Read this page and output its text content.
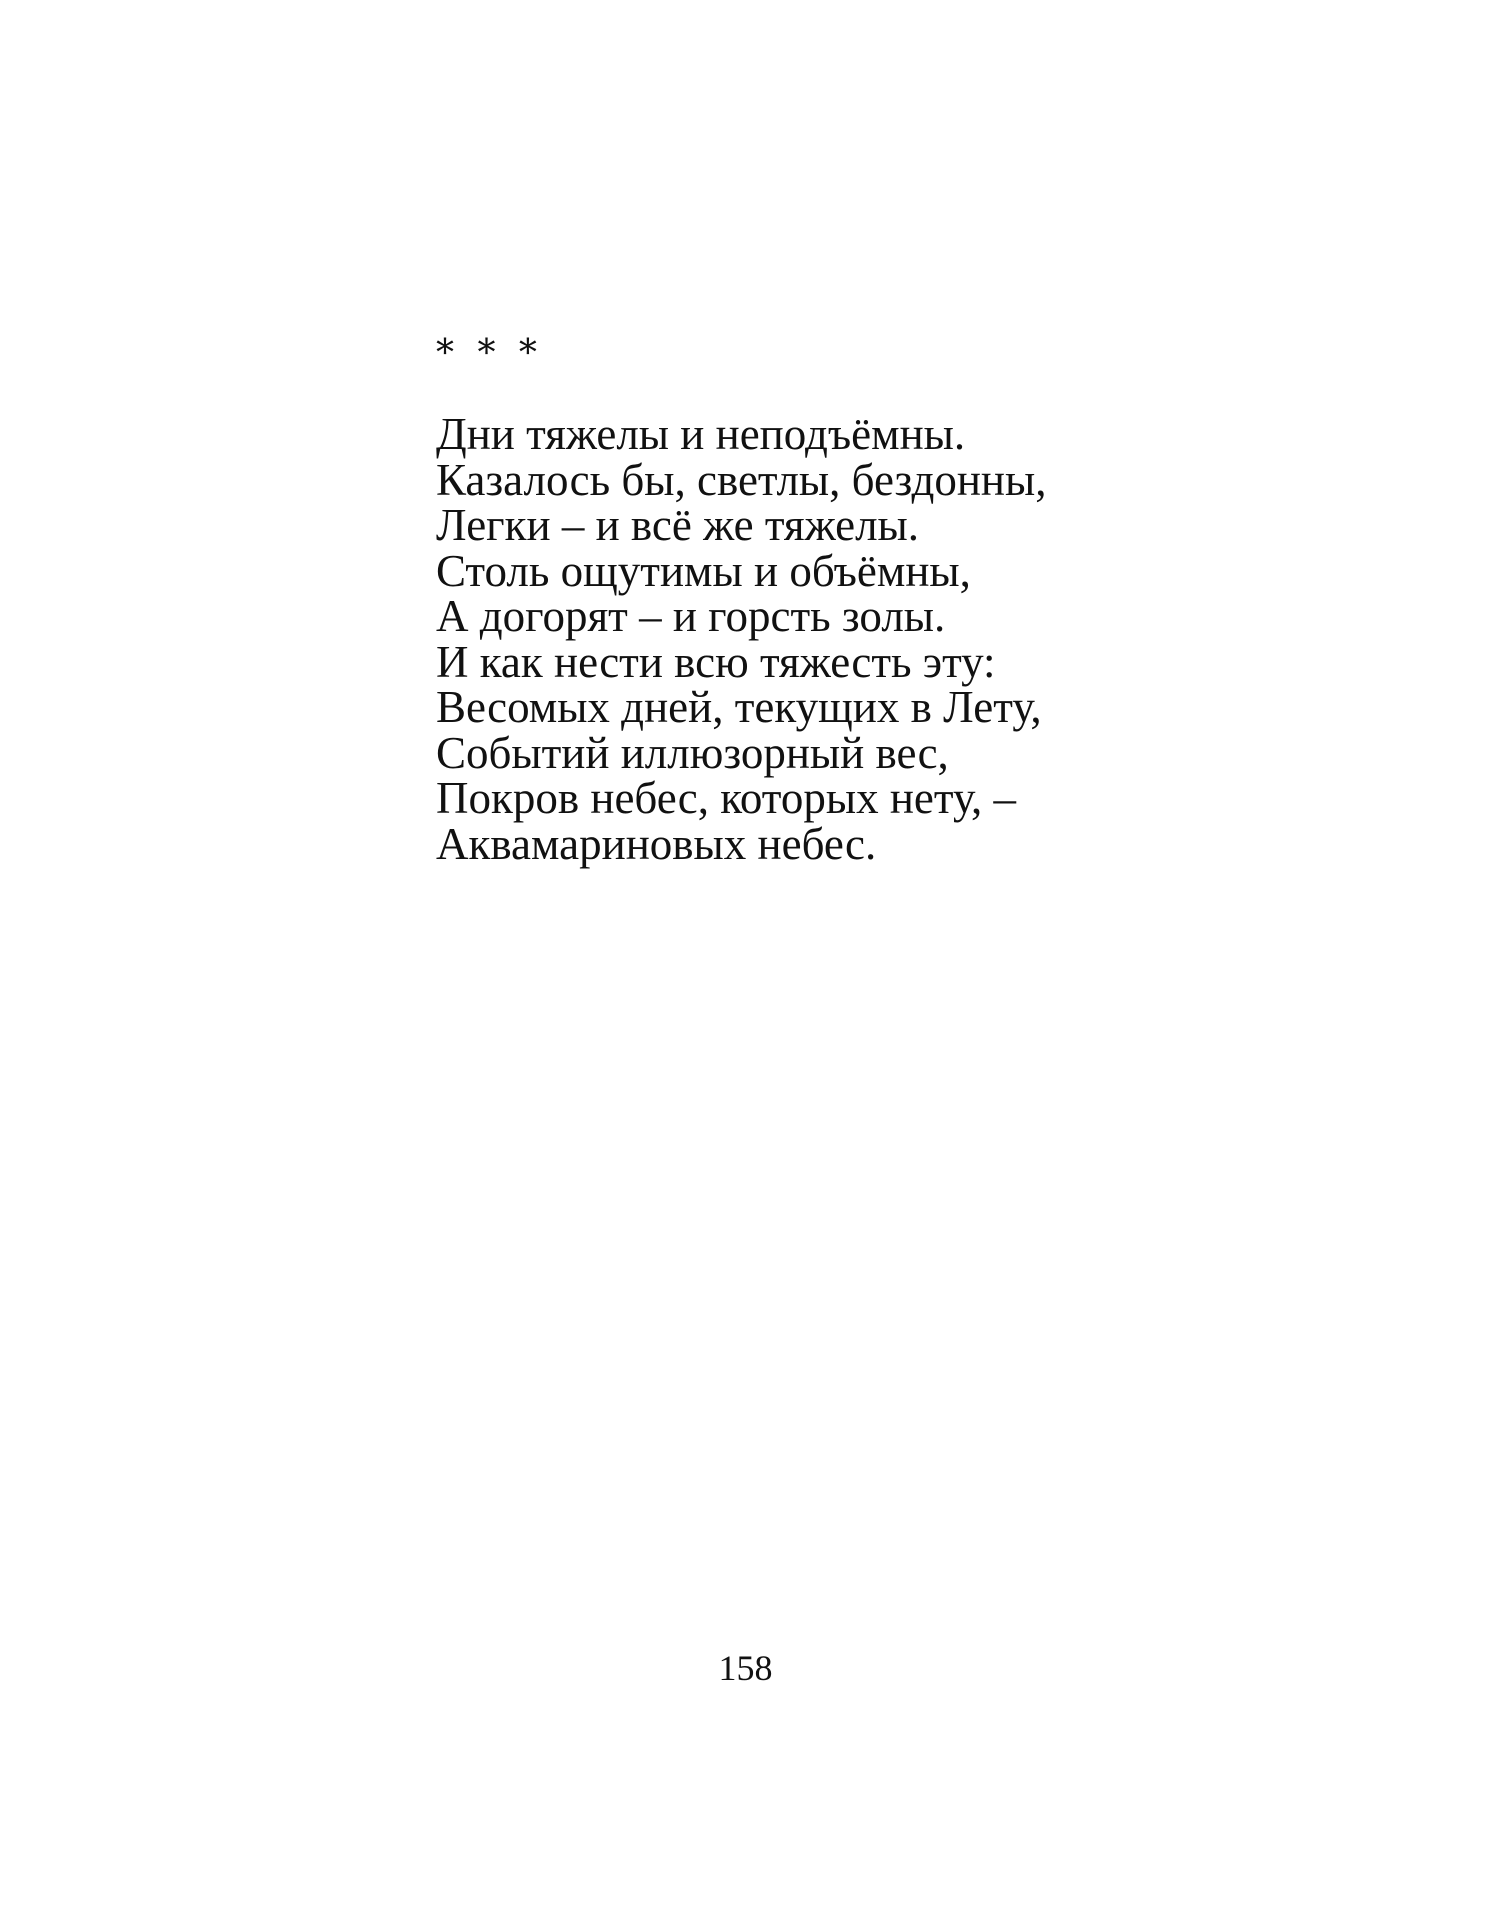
* * *
Дни тяжелы и неподъёмны.
Казалось бы, светлы, бездонны,
Легки – и всё же тяжелы.
Столь ощутимы и объёмны,
А догорят – и горсть золы.
И как нести всю тяжесть эту:
Весомых дней, текущих в Лету,
Событий иллюзорный вес,
Покров небес, которых нету, –
Аквамариновых небес.
158
